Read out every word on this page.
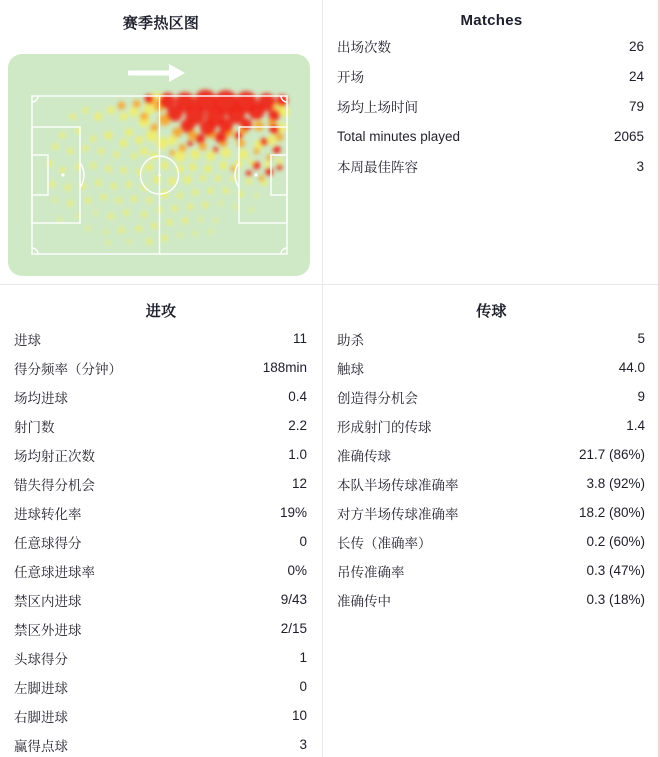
赛季热区图	Matches
出场次数	26
开场	24
场均上场时间	79
Total minutes played	2065
本周最佳阵容	3
进攻
进球	11
得分频率（分钟）	188min
场均进球	0.4
射门数	2.2
场均射正次数	1.0
错失得分机会	12
进球转化率	19%
任意球得分	0
任意球进球率	0%
禁区内进球	9/43
禁区外进球	2/15
头球得分	1
左脚进球	0
右脚进球	10
赢得点球	3
传球
助杀	5
触球	44.0
创造得分机会	9
形成射门的传球	1.4
准确传球	21.7 (86%)
本队半场传球准确率	3.8 (92%)
对方半场传球准确率	18.2 (80%)
长传（准确率）	0.2 (60%)
吊传准确率	0.3 (47%)
准确传中	0.3 (18%)
